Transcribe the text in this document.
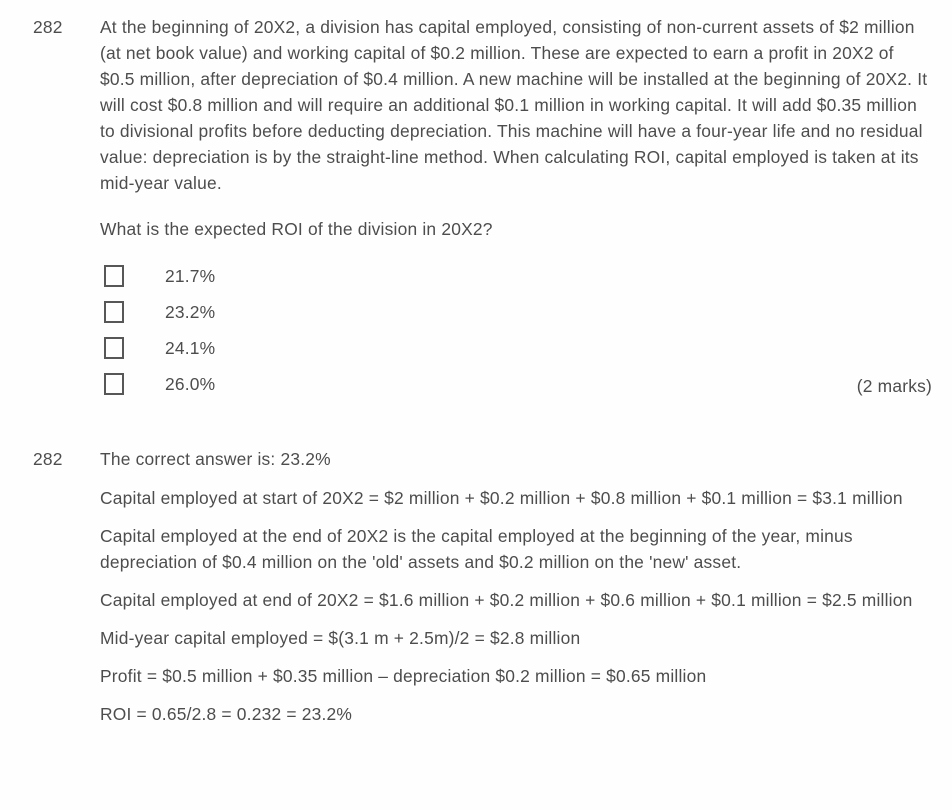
282	At the beginning of 20X2, a division has capital employed, consisting of non-current assets of $2 million (at net book value) and working capital of $0.2 million. These are expected to earn a profit in 20X2 of $0.5 million, after depreciation of $0.4 million. A new machine will be installed at the beginning of 20X2. It will cost $0.8 million and will require an additional $0.1 million in working capital. It will add $0.35 million to divisional profits before deducting depreciation. This machine will have a four-year life and no residual value: depreciation is by the straight-line method. When calculating ROI, capital employed is taken at its mid-year value.

What is the expected ROI of the division in 20X2?

21.7%
23.2%
24.1%
26.0%	(2 marks)
282	The correct answer is: 23.2%

Capital employed at start of 20X2 = $2 million + $0.2 million + $0.8 million + $0.1 million = $3.1 million

Capital employed at the end of 20X2 is the capital employed at the beginning of the year, minus depreciation of $0.4 million on the 'old' assets and $0.2 million on the 'new' asset.

Capital employed at end of 20X2 = $1.6 million + $0.2 million + $0.6 million + $0.1 million = $2.5 million

Mid-year capital employed = $(3.1 m + 2.5m)/2 = $2.8 million

Profit = $0.5 million + $0.35 million – depreciation $0.2 million = $0.65 million

ROI = 0.65/2.8 = 0.232 = 23.2%
